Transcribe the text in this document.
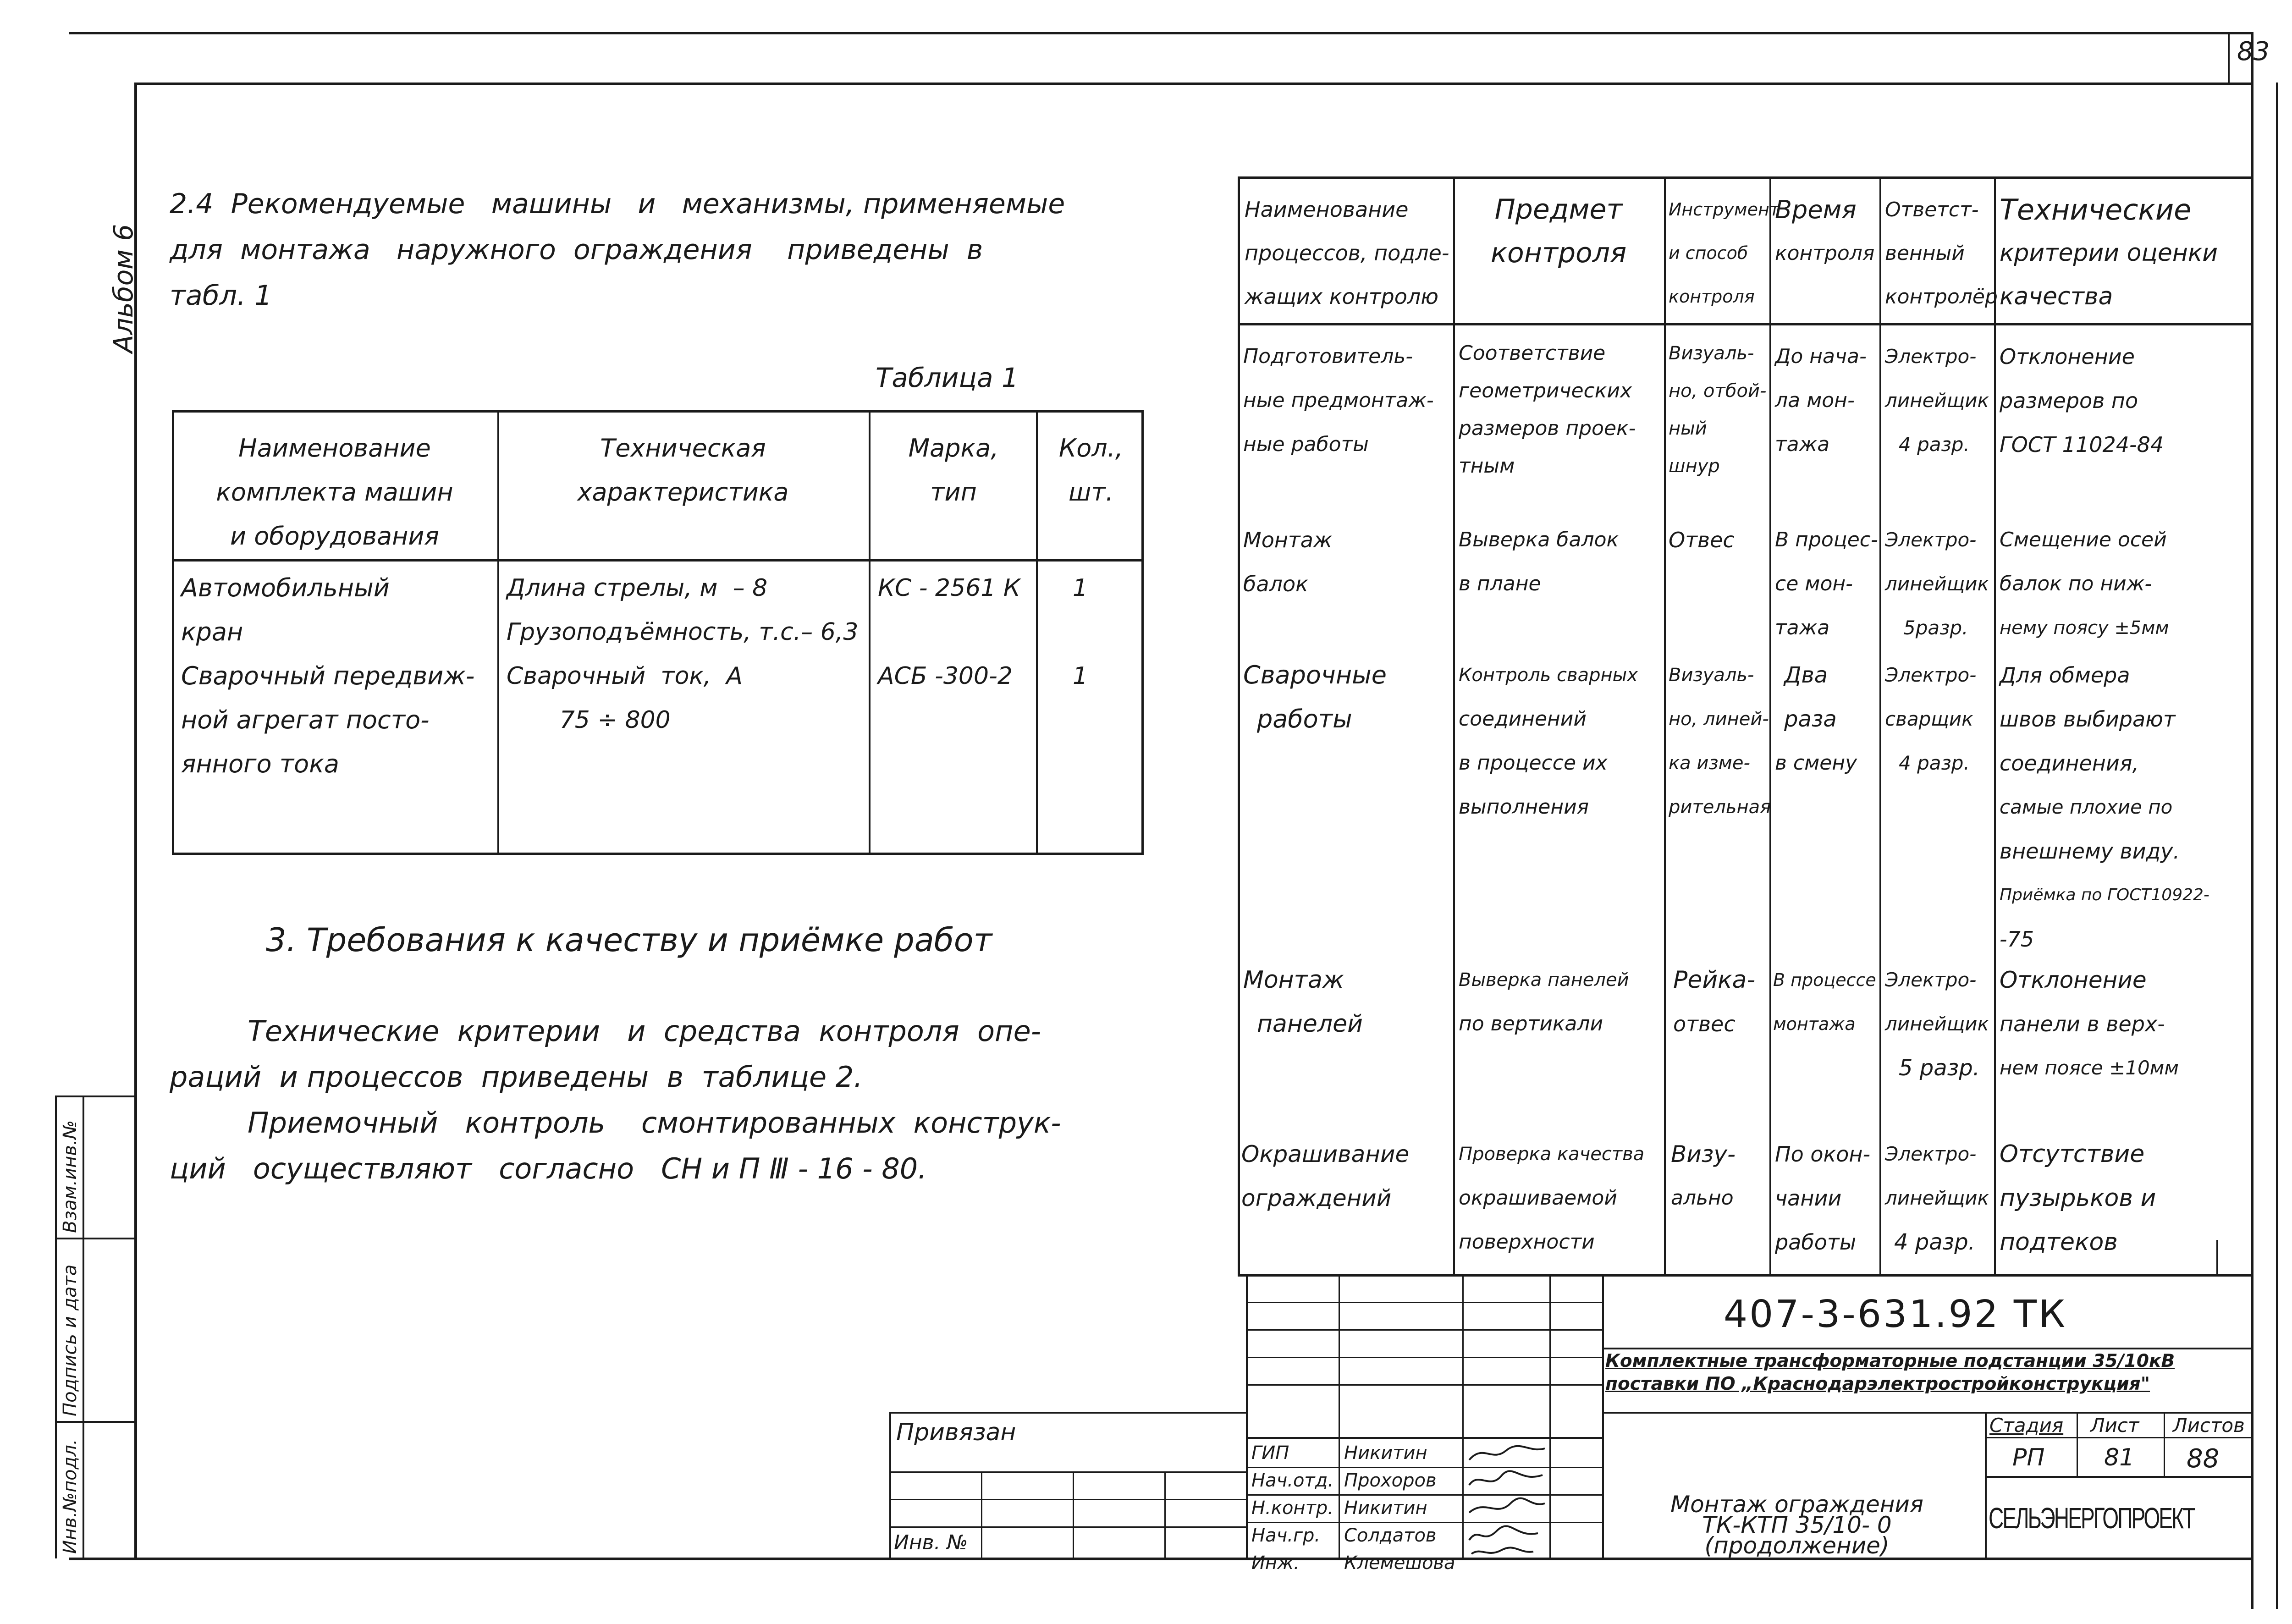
83
Альбом 6
Инв.№подл.
Подпись и дата
Взам.инв.№
2.4  Рекомендуемые   машины   и   механизмы, применяемые
для  монтажа   наружного  ограждения    приведены  в
табл. 1
Таблица 1
Наименование
комплекта машин
и оборудования
Техническая
характеристика
Марка,
тип
Кол.,
шт.
Автомобильный
кран
Сварочный передвиж-
ной агрегат посто-
янного тока
Длина стрелы, м  – 8
Грузоподъёмность, т.с.– 6,3
Сварочный  ток,  А
75 ÷ 800
КС - 2561 К
АСБ -300-2
1
1
3. Требования к качеству и приёмке работ
Технические  критерии   и  средства  контроля  опе-
раций  и процессов  приведены  в  таблице 2.
Приемочный   контроль    смонтированных  конструк-
ций   осуществляют   согласно   СН и П Ⅲ - 16 - 80.
Наименование
процессов, подле-
жащих контролю
Предмет
контроля
Инструмент
и способ
контроля
Время
контроля
Ответст-
венный
контролёр
Технические
критерии оценки
качества
Подготовитель-
ные предмонтаж-
ные работы
Соответствие
геометрических
размеров проек-
тным
Визуаль-
но, отбой-
ный
шнур
До нача-
ла мон-
тажа
Электро-
линейщик
4 разр.
Отклонение
размеров по
ГОСТ 11024-84
Монтаж
балок
Выверка балок
в плане
Отвес В процес-
се мон-
тажа
Электро-
линейщик
5разр.
Смещение осей
балок по ниж-
нему поясу ±5мм
Сварочные
работы
Контроль сварных
соединений
в процессе их
выполнения
Визуаль-
но, линей-
ка изме-
рительная
Два
раза
в смену
Электро-
сварщик
4 разр.
Для обмера
швов выбирают
соединения,
самые плохие по
внешнему виду.
Приёмка по ГОСТ10922-
-75
Монтаж
панелей
Выверка панелей
по вертикали
Рейка-
отвес
В процессе
монтажа
Электро-
линейщик
5 разр.
Отклонение
панели в верх-
нем поясе ±10мм
Окрашивание
ограждений
Проверка качества
окрашиваемой
поверхности
Визу-
ально
По окон-
чании
работы
Электро-
линейщик
4 разр.
Отсутствие
пузырьков и
подтеков
Привязан
Инв. №
ГИП
Нач.отд.
Н.контр.
Нач.гр.
Инж.
Никитин
Прохоров
Никитин
Солдатов
Клемешова
407-3-631.92 ТК
Комплектные трансформаторные подстанции 35/10кВ
поставки ПО „Краснодарэлектростройконструкция"
Монтаж ограждения
ТК-КТП 35/10- 0
(продолжение)
Стадия Лист Листов
РП 81 88
СЕЛЬЭНЕРГОПРОЕКТ
